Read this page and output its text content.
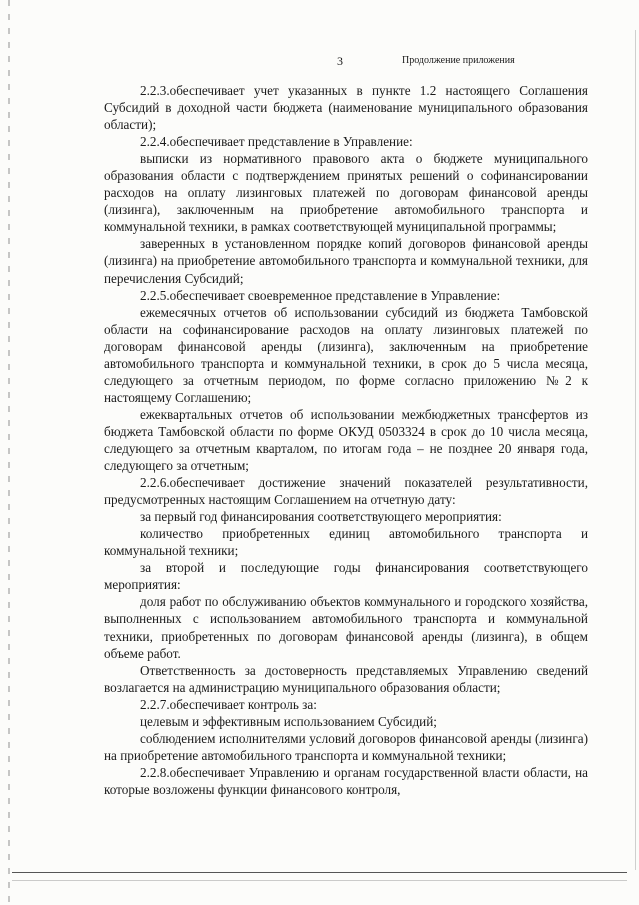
3	Продолжение приложения

2.2.3.обеспечивает учет указанных в пункте 1.2 настоящего Соглашения Субсидий в доходной части бюджета (наименование муниципального образования области);

2.2.4.обеспечивает представление в Управление:

выписки из нормативного правового акта о бюджете муниципального образования области с подтверждением принятых решений о софинансировании расходов на оплату лизинговых платежей по договорам финансовой аренды (лизинга), заключенным на приобретение автомобильного транспорта и коммунальной техники, в рамках соответствующей муниципальной программы;

заверенных в установленном порядке копий договоров финансовой аренды (лизинга) на приобретение автомобильного транспорта и коммунальной техники, для перечисления Субсидий;

2.2.5.обеспечивает своевременное представление в Управление:

ежемесячных отчетов об использовании субсидий из бюджета Тамбовской области на софинансирование расходов на оплату лизинговых платежей по договорам финансовой аренды (лизинга), заключенным на приобретение автомобильного транспорта и коммунальной техники, в срок до 5 числа месяца, следующего за отчетным периодом, по форме согласно приложению №2 к настоящему Соглашению;

ежеквартальных отчетов об использовании межбюджетных трансфертов из бюджета Тамбовской области по форме ОКУД 0503324 в срок до 10 числа месяца, следующего за отчетным кварталом, по итогам года – не позднее 20 января года, следующего за отчетным;

2.2.6.обеспечивает достижение значений показателей результативности, предусмотренных настоящим Соглашением на отчетную дату:

за первый год финансирования соответствующего мероприятия:

количество приобретенных единиц автомобильного транспорта и коммунальной техники;

за второй и последующие годы финансирования соответствующего мероприятия:

доля работ по обслуживанию объектов коммунального и городского хозяйства, выполненных с использованием автомобильного транспорта и коммунальной техники, приобретенных по договорам финансовой аренды (лизинга), в общем объеме работ.

Ответственность за достоверность представляемых Управлению сведений возлагается на администрацию муниципального образования области;

2.2.7.обеспечивает контроль за:

целевым и эффективным использованием Субсидий;

соблюдением исполнителями условий договоров финансовой аренды (лизинга) на приобретение автомобильного транспорта и коммунальной техники;

2.2.8.обеспечивает Управлению и органам государственной власти области, на которые возложены функции финансового контроля,
